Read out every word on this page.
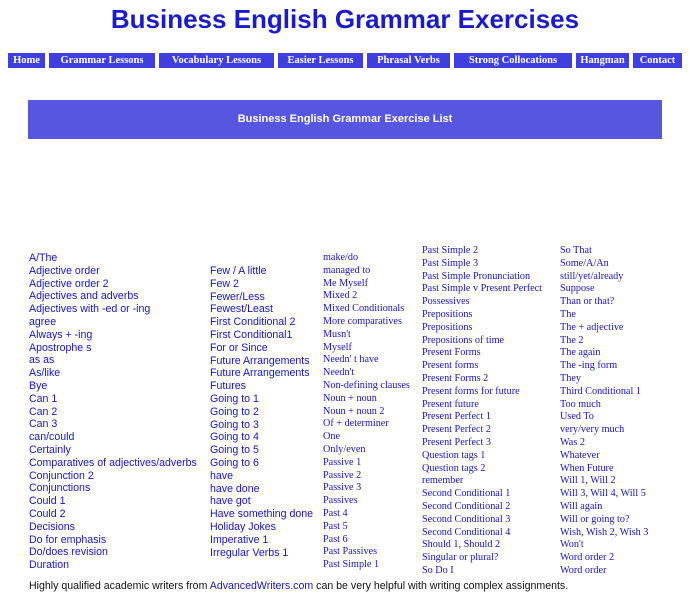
Business English Grammar Exercises
Home	Grammar Lessons	Vocabulary Lessons	Easier Lessons	Phrasal Verbs	Strong Collocations	Hangman	Contact
Business English Grammar Exercise List
A/The
Adjective order
Adjective order 2
Adjectives and adverbs
Adjectives with -ed or -ing
agree
Always + -ing
Apostrophe s
as as
As/like
Bye
Can 1
Can 2
Can 3
can/could
Certainly
Comparatives of adjectives/adverbs
Conjunction 2
Conjunctions
Could 1
Could 2
Decisions
Do for emphasis
Do/does revision
Duration
Few / A little
Few 2
Fewer/Less
Fewest/Least
First Conditional 2
First Conditional1
For or Since
Future Arrangements
Future Arrangements
Futures
Going to 1
Going to 2
Going to 3
Going to 4
Going to 5
Going to 6
have
have done
have got
Have something done
Holiday Jokes
Imperative 1
Irregular Verbs 1
make/do
managed to
Me Myself
Mixed 2
Mixed Conditionals
More comparatives
Musn't
Myself
Needn' t have
Needn't
Non-defining clauses
Noun + noun
Noun + noun 2
Of + determiner
One
Only/even
Passive 1
Passive 2
Passive 3
Passives
Past 4
Past 5
Past 6
Past Passives
Past Simple 1
Past Simple 2
Past Simple 3
Past Simple Pronunciation
Past Simple v Present Perfect
Possessives
Prepositions
Prepositions
Prepositions of time
Present Forms
Present forms
Present Forms 2
Present forms for future
Present future
Present Perfect 1
Present Perfect 2
Present Perfect 3
Question tags 1
Question tags 2
remember
Second Conditional 1
Second Conditional 2
Second Conditional 3
Second Conditional 4
Should 1, Should 2
Singular or plural?
So Do I
So That
Some/A/An
still/yet/already
Suppose
Than or that?
The
The + adjective
The 2
The again
The -ing form
They
Third Conditional 1
Too much
Used To
very/very much
Was 2
Whatever
When Future
Will 1, Will 2
Will 3, Will 4, Will 5
Will again
Will or going to?
Wish, Wish 2, Wish 3
Won't
Word order 2
Word order

Highly qualified academic writers from AdvancedWriters.com can be very helpful with writing complex assignments.
